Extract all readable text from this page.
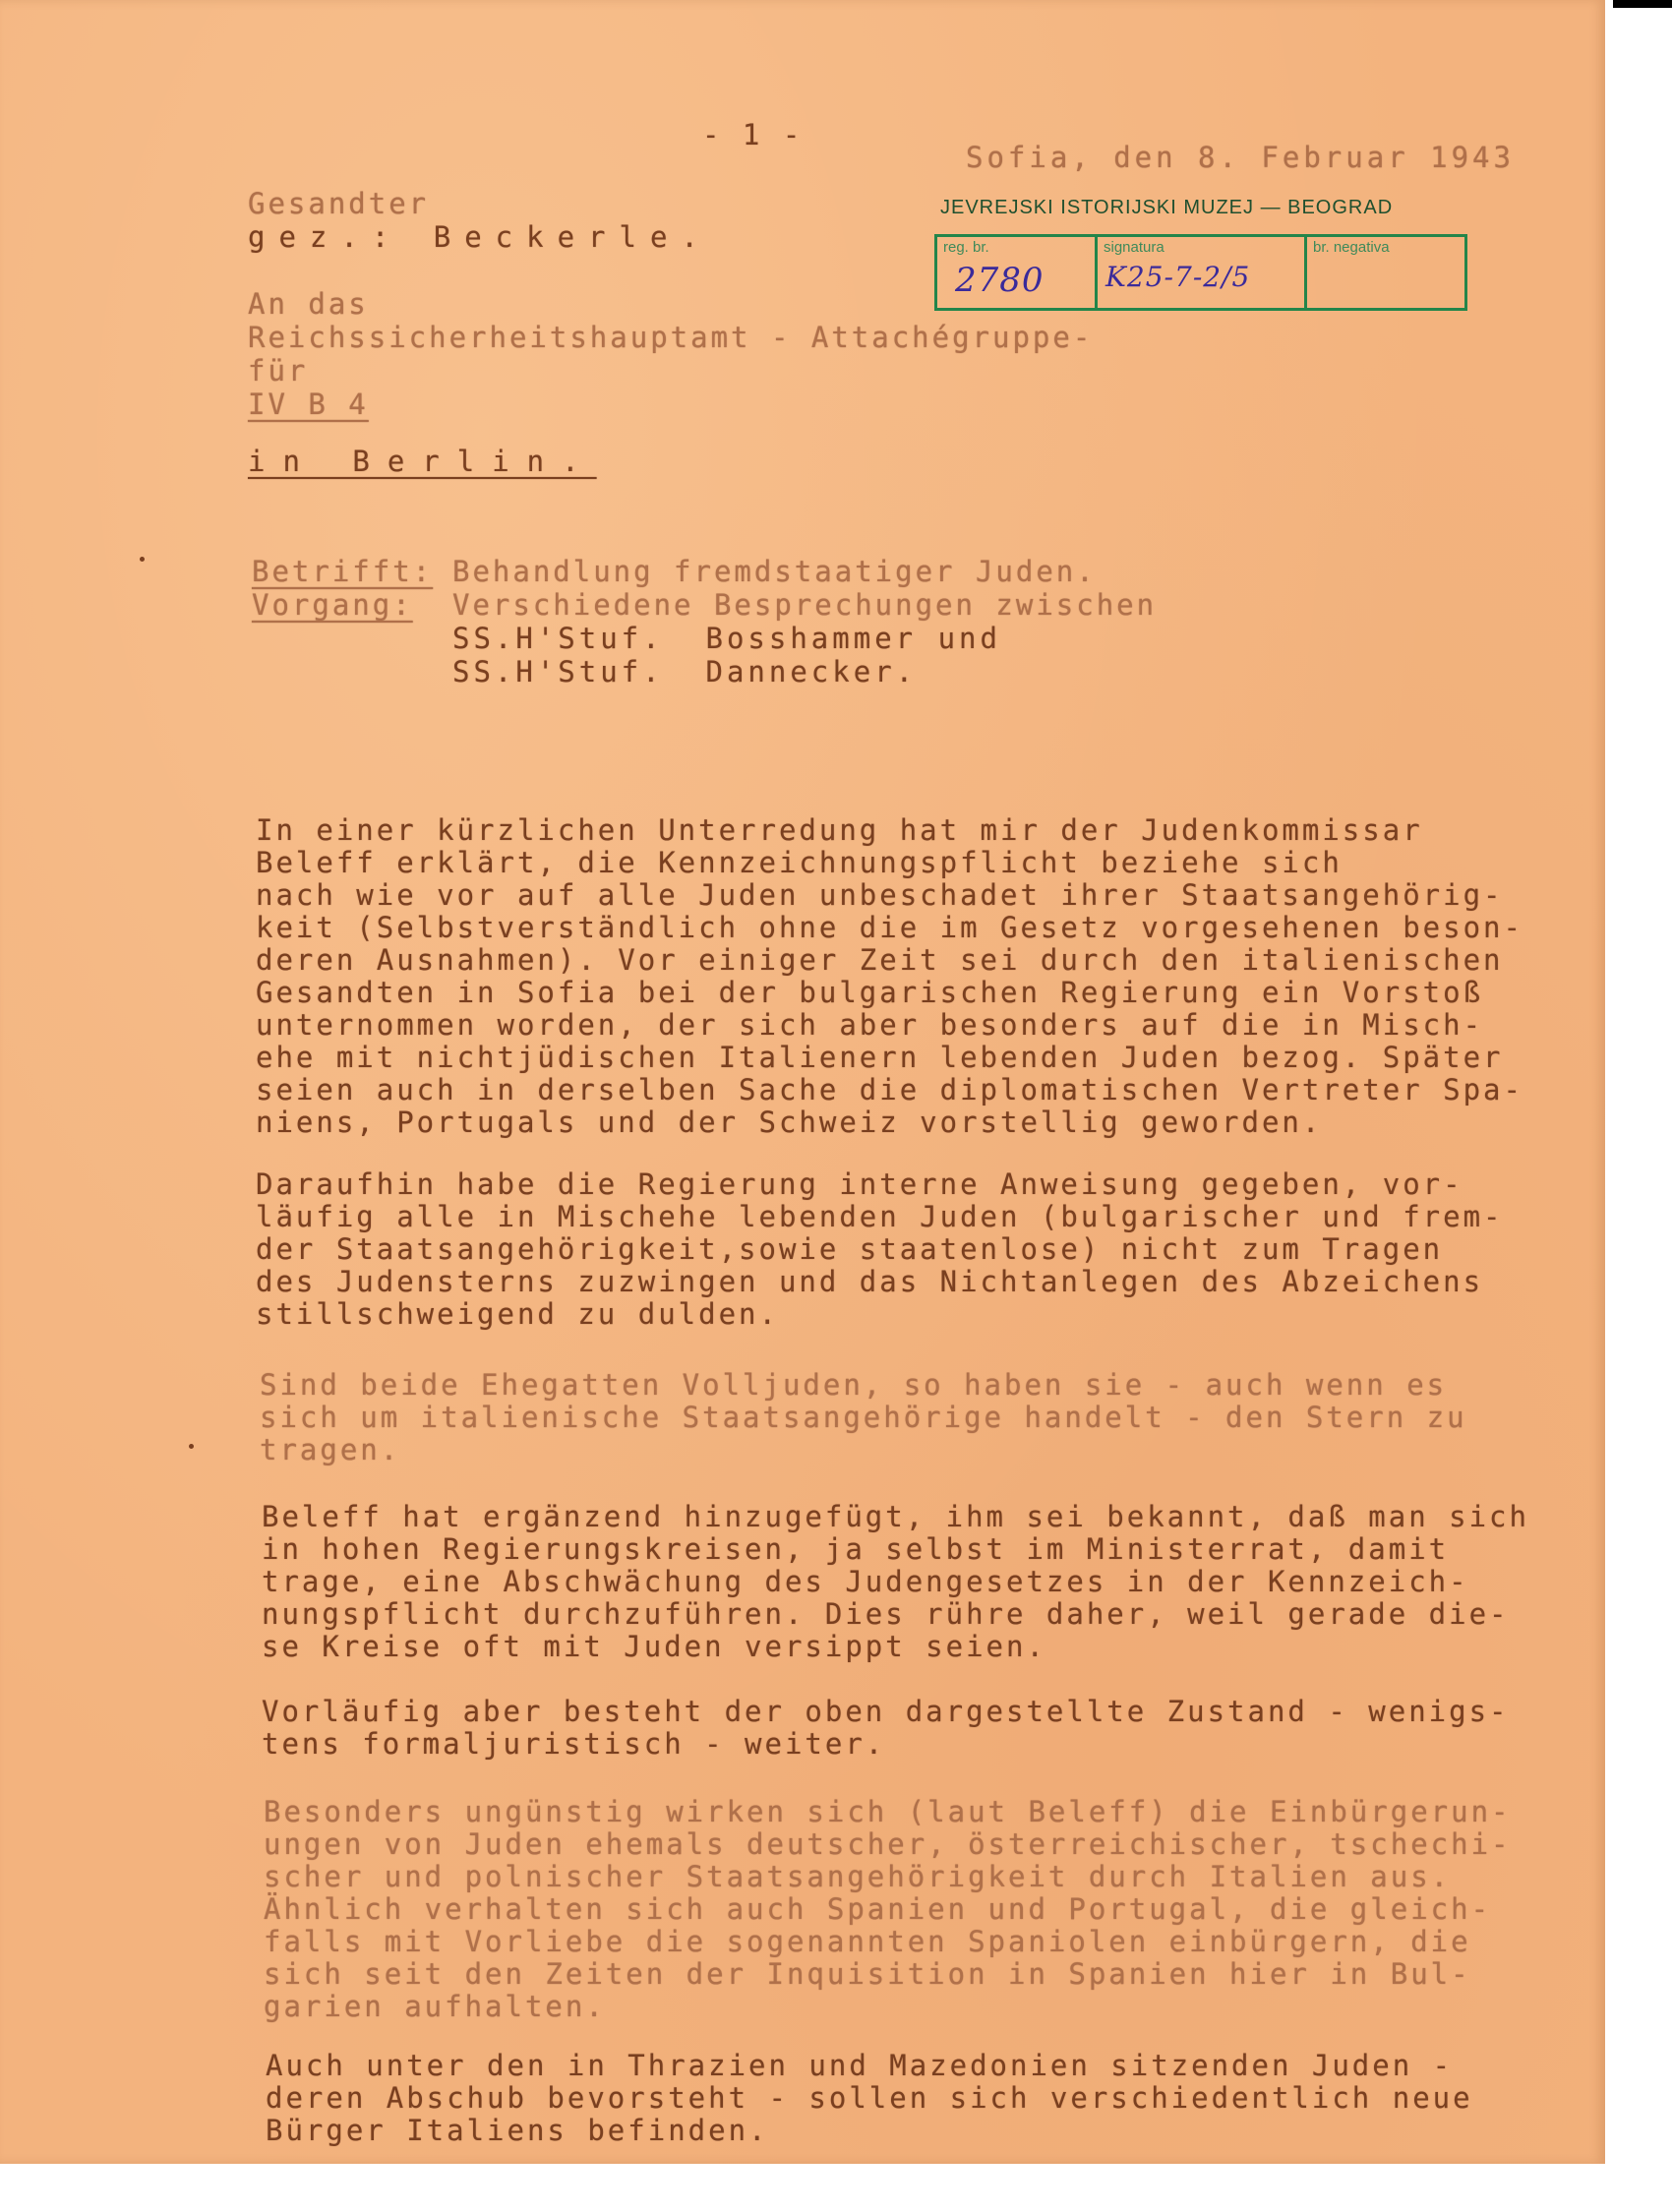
- 1 -
Sofia, den 8. Februar 1943
Gesandter
gez.: Beckerle.
JEVREJSKI ISTORIJSKI MUZEJ — BEOGRAD
reg. br.
2780
signatura
K25-7-2/5
br. negativa
An das
Reichssicherheitshauptamt - Attachégruppe-
für
IV B 4
in Berlin.
Betrifft: Behandlung fremdstaatiger Juden.
Vorgang: Verschiedene Besprechungen zwischen
SS.H'Stuf.  Bosshammer und
SS.H'Stuf.  Dannecker.

In einer kürzlichen Unterredung hat mir der Judenkommissar
Beleff erklärt, die Kennzeichnungspflicht beziehe sich
nach wie vor auf alle Juden unbeschadet ihrer Staatsangehörig-
keit (Selbstverständlich ohne die im Gesetz vorgesehenen beson-
deren Ausnahmen). Vor einiger Zeit sei durch den italienischen
Gesandten in Sofia bei der bulgarischen Regierung ein Vorstoß
unternommen worden, der sich aber besonders auf die in Misch-
ehe mit nichtjüdischen Italienern lebenden Juden bezog. Später
seien auch in derselben Sache die diplomatischen Vertreter Spa-
niens, Portugals und der Schweiz vorstellig geworden.

Daraufhin habe die Regierung interne Anweisung gegeben, vor-
läufig alle in Mischehe lebenden Juden (bulgarischer und frem-
der Staatsangehörigkeit,sowie staatenlose) nicht zum Tragen
des Judensterns zuzwingen und das Nichtanlegen des Abzeichens
stillschweigend zu dulden.

Sind beide Ehegatten Volljuden, so haben sie - auch wenn es
sich um italienische Staatsangehörige handelt - den Stern zu
tragen.

Beleff hat ergänzend hinzugefügt, ihm sei bekannt, daß man sich
in hohen Regierungskreisen, ja selbst im Ministerrat, damit
trage, eine Abschwächung des Judengesetzes in der Kennzeich-
nungspflicht durchzuführen. Dies rühre daher, weil gerade die-
se Kreise oft mit Juden versippt seien.

Vorläufig aber besteht der oben dargestellte Zustand - wenigs-
tens formaljuristisch - weiter.

Besonders ungünstig wirken sich (laut Beleff) die Einbürgerun-
ungen von Juden ehemals deutscher, österreichischer, tschechi-
scher und polnischer Staatsangehörigkeit durch Italien aus.
Ähnlich verhalten sich auch Spanien und Portugal, die gleich-
falls mit Vorliebe die sogenannten Spaniolen einbürgern, die
sich seit den Zeiten der Inquisition in Spanien hier in Bul-
garien aufhalten.

Auch unter den in Thrazien und Mazedonien sitzenden Juden -
deren Abschub bevorsteht - sollen sich verschiedentlich neue
Bürger Italiens befinden.
